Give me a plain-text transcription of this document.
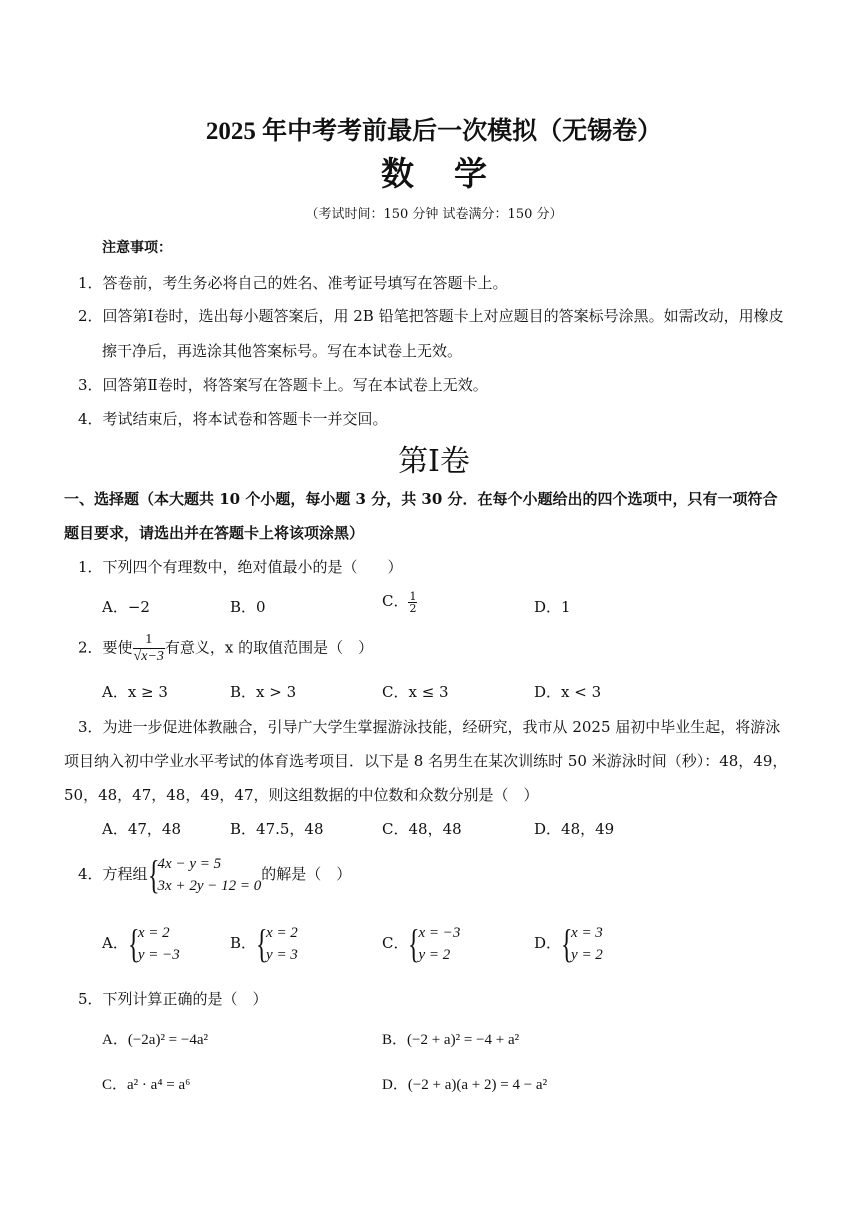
2025 年中考考前最后一次模拟（无锡卷）
数学
（考试时间：150 分钟 试卷满分：150 分）
注意事项：
1．答卷前，考生务必将自己的姓名、准考证号填写在答题卡上。
2．回答第Ⅰ卷时，选出每小题答案后，用 2B 铅笔把答题卡上对应题目的答案标号涂黑。如需改动，用橡皮
擦干净后，再选涂其他答案标号。写在本试卷上无效。
3．回答第Ⅱ卷时，将答案写在答题卡上。写在本试卷上无效。
4．考试结束后，将本试卷和答题卡一并交回。
第Ⅰ卷
一、选择题（本大题共 10 个小题，每小题 3 分，共 30 分．在每个小题给出的四个选项中，只有一项符合
题目要求，请选出并在答题卡上将该项涂黑）
1．下列四个有理数中，绝对值最小的是（　　）
A．−2	B．0	C． $\frac{1}{2}$	D．1
2．要使 $\frac{1}{√x-3}$ 有意义，x 的取值范围是（　）
A．x ≥ 3	B．x > 3	C．x ≤ 3	D．x < 3
3．为进一步促进体教融合，引导广大学生掌握游泳技能，经研究，我市从 2025 届初中毕业生起，将游泳
项目纳入初中学业水平考试的体育选考项目．以下是 8 名男生在某次训练时 50 米游泳时间（秒）：48，49，
50，48，47，48，49，47，则这组数据的中位数和众数分别是（　）
A．47，48	B．47.5，48	C．48，48	D．48，49
4．方程组 {
4x − y = 5
3x + 2y − 12 = 0
的解是（　）
A． {
x = 2
y = −3
B． {
x = 2
y = 3
C． {
x = −3
y = 2
D． {
x = 3
y = 2
5．下列计算正确的是（　）
A．(−2a)² = −4a²	B．(−2 + a)² = −4 + a²
C．a² · a⁴ = a⁶	D．(−2 + a)(a + 2) = 4 − a²
